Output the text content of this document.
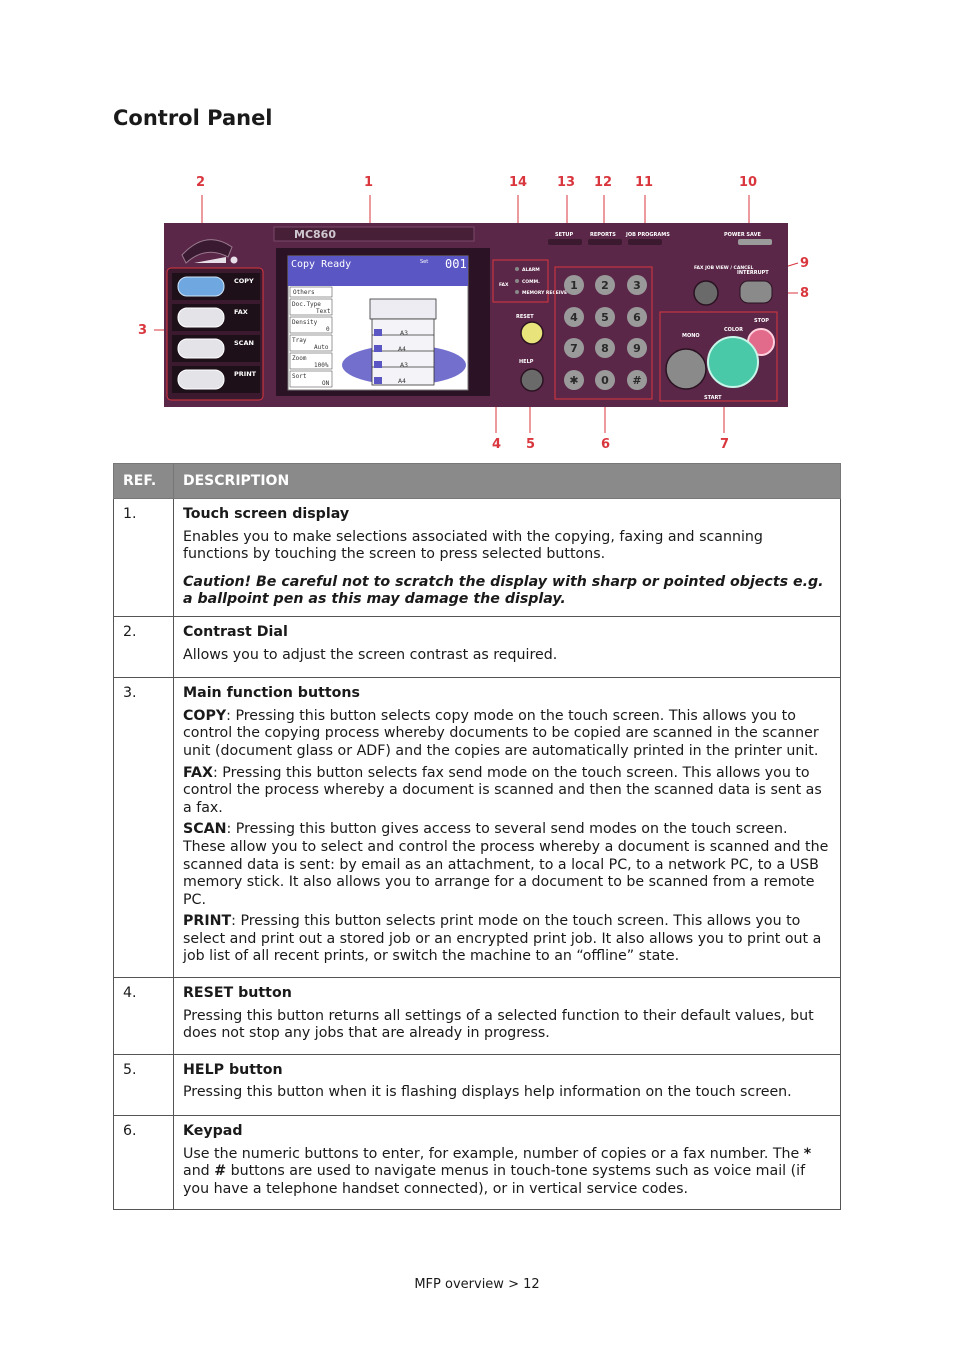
Control Panel
2	1	14 13 12 11	10
9
8
3
4 5	6	7
MC860
COPY
FAX
SCAN
PRINT
Copy Ready	Set 001
Others
Doc.Type
Text
Density
0
Tray
Auto
Zoom
100%
Sort
ON
A3
A4
A3
A4
ALARM
COMM.
MEMORY RECEIVE
FAX
SETUP	REPORTS JOB PROGRAMS	POWER SAVE
RESET
HELP
1 2 3
4 5 6
7 8 9
✱ 0 #
FAX JOB VIEW / CANCEL
INTERRUPT
MONO
COLOR
STOP
START
REF.	DESCRIPTION
1.	Touch screen display

Enables you to make selections associated with the copying, faxing and scanning functions by touching the screen to press selected buttons.

Caution! Be careful not to scratch the display with sharp or pointed objects e.g. a ballpoint pen as this may damage the display.

2.	Contrast Dial

Allows you to adjust the screen contrast as required.

3.	Main function buttons

COPY: Pressing this button selects copy mode on the touch screen. This allows you to control the copying process whereby documents to be copied are scanned in the scanner unit (document glass or ADF) and the copies are automatically printed in the printer unit.

FAX: Pressing this button selects fax send mode on the touch screen. This allows you to control the process whereby a document is scanned and then the scanned data is sent as a fax.

SCAN: Pressing this button gives access to several send modes on the touch screen. These allow you to select and control the process whereby a document is scanned and the scanned data is sent: by email as an attachment, to a local PC, to a network PC, to a USB memory stick. It also allows you to arrange for a document to be scanned from a remote PC.

PRINT: Pressing this button selects print mode on the touch screen. This allows you to select and print out a stored job or an encrypted print job. It also allows you to print out a job list of all recent prints, or switch the machine to an “offline” state.

4.	RESET button

Pressing this button returns all settings of a selected function to their default values, but does not stop any jobs that are already in progress.

5.	HELP button

Pressing this button when it is flashing displays help information on the touch screen.

6.	Keypad

Use the numeric buttons to enter, for example, number of copies or a fax number. The *
and # buttons are used to navigate menus in touch-tone systems such as voice mail (if you have a telephone handset connected), or in vertical service codes.

MFP overview > 12
